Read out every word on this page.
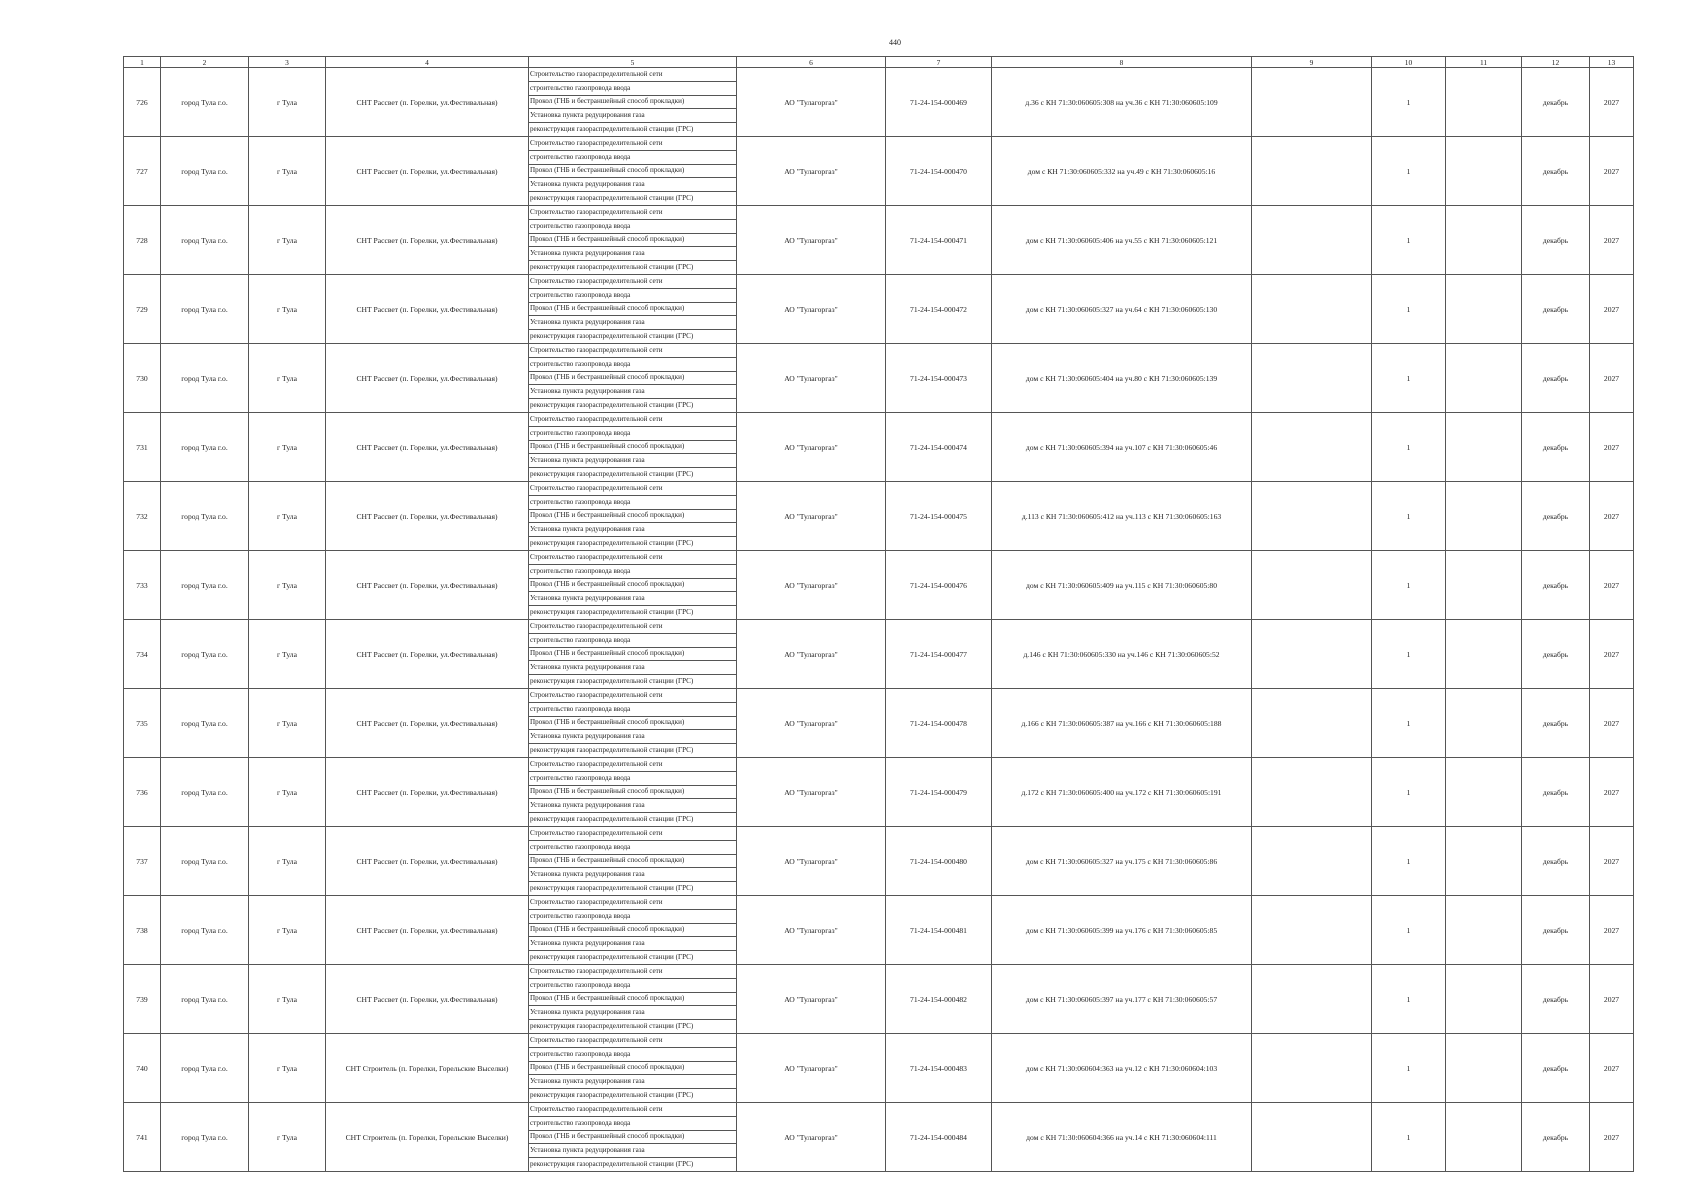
440
1	2	3	4	5	6	7	8	9	10	11	12	13
726	город Тула г.о.	г Тула	СНТ Рассвет (п. Горелки, ул.Фестивальная)	Строительство газораспределительной сети
строительство газопровода ввода
Прокол (ГНБ и бестраншейный способ прокладки)
Установка пункта редуцирования газа
реконструкция газораспределительной станции (ГРС)	АО "Тулагоргаз"	71-24-154-000469	д.36 с КН 71:30:060605:308 на уч.36 с КН 71:30:060605:109		1		декабрь	2027
727	город Тула г.о.	г Тула	СНТ Рассвет (п. Горелки, ул.Фестивальная)	Строительство газораспределительной сети
строительство газопровода ввода
Прокол (ГНБ и бестраншейный способ прокладки)
Установка пункта редуцирования газа
реконструкция газораспределительной станции (ГРС)	АО "Тулагоргаз"	71-24-154-000470	дом с КН 71:30:060605:332 на уч.49 с КН 71:30:060605:16		1		декабрь	2027
728	город Тула г.о.	г Тула	СНТ Рассвет (п. Горелки, ул.Фестивальная)	Строительство газораспределительной сети
строительство газопровода ввода
Прокол (ГНБ и бестраншейный способ прокладки)
Установка пункта редуцирования газа
реконструкция газораспределительной станции (ГРС)	АО "Тулагоргаз"	71-24-154-000471	дом с КН 71:30:060605:406 на уч.55 с КН 71:30:060605:121		1		декабрь	2027
729	город Тула г.о.	г Тула	СНТ Рассвет (п. Горелки, ул.Фестивальная)	Строительство газораспределительной сети
строительство газопровода ввода
Прокол (ГНБ и бестраншейный способ прокладки)
Установка пункта редуцирования газа
реконструкция газораспределительной станции (ГРС)	АО "Тулагоргаз"	71-24-154-000472	дом с КН 71:30:060605:327 на уч.64 с КН 71:30:060605:130		1		декабрь	2027
730	город Тула г.о.	г Тула	СНТ Рассвет (п. Горелки, ул.Фестивальная)	Строительство газораспределительной сети
строительство газопровода ввода
Прокол (ГНБ и бестраншейный способ прокладки)
Установка пункта редуцирования газа
реконструкция газораспределительной станции (ГРС)	АО "Тулагоргаз"	71-24-154-000473	дом с КН 71:30:060605:404 на уч.80 с КН 71:30:060605:139		1		декабрь	2027
731	город Тула г.о.	г Тула	СНТ Рассвет (п. Горелки, ул.Фестивальная)	Строительство газораспределительной сети
строительство газопровода ввода
Прокол (ГНБ и бестраншейный способ прокладки)
Установка пункта редуцирования газа
реконструкция газораспределительной станции (ГРС)	АО "Тулагоргаз"	71-24-154-000474	дом с КН 71:30:060605:394 на уч.107 с КН 71:30:060605:46		1		декабрь	2027
732	город Тула г.о.	г Тула	СНТ Рассвет (п. Горелки, ул.Фестивальная)	Строительство газораспределительной сети
строительство газопровода ввода
Прокол (ГНБ и бестраншейный способ прокладки)
Установка пункта редуцирования газа
реконструкция газораспределительной станции (ГРС)	АО "Тулагоргаз"	71-24-154-000475	д.113 с КН 71:30:060605:412 на уч.113 с КН 71:30:060605:163		1		декабрь	2027
733	город Тула г.о.	г Тула	СНТ Рассвет (п. Горелки, ул.Фестивальная)	Строительство газораспределительной сети
строительство газопровода ввода
Прокол (ГНБ и бестраншейный способ прокладки)
Установка пункта редуцирования газа
реконструкция газораспределительной станции (ГРС)	АО "Тулагоргаз"	71-24-154-000476	дом с КН 71:30:060605:409 на уч.115 с КН 71:30:060605:80		1		декабрь	2027
734	город Тула г.о.	г Тула	СНТ Рассвет (п. Горелки, ул.Фестивальная)	Строительство газораспределительной сети
строительство газопровода ввода
Прокол (ГНБ и бестраншейный способ прокладки)
Установка пункта редуцирования газа
реконструкция газораспределительной станции (ГРС)	АО "Тулагоргаз"	71-24-154-000477	д.146 с КН 71:30:060605:330 на уч.146 с КН 71:30:060605:52		1		декабрь	2027
735	город Тула г.о.	г Тула	СНТ Рассвет (п. Горелки, ул.Фестивальная)	Строительство газораспределительной сети
строительство газопровода ввода
Прокол (ГНБ и бестраншейный способ прокладки)
Установка пункта редуцирования газа
реконструкция газораспределительной станции (ГРС)	АО "Тулагоргаз"	71-24-154-000478	д.166 с КН 71:30:060605:387 на уч.166 с КН 71:30:060605:188		1		декабрь	2027
736	город Тула г.о.	г Тула	СНТ Рассвет (п. Горелки, ул.Фестивальная)	Строительство газораспределительной сети
строительство газопровода ввода
Прокол (ГНБ и бестраншейный способ прокладки)
Установка пункта редуцирования газа
реконструкция газораспределительной станции (ГРС)	АО "Тулагоргаз"	71-24-154-000479	д.172 с КН 71:30:060605:400 на уч.172 с КН 71:30:060605:191		1		декабрь	2027
737	город Тула г.о.	г Тула	СНТ Рассвет (п. Горелки, ул.Фестивальная)	Строительство газораспределительной сети
строительство газопровода ввода
Прокол (ГНБ и бестраншейный способ прокладки)
Установка пункта редуцирования газа
реконструкция газораспределительной станции (ГРС)	АО "Тулагоргаз"	71-24-154-000480	дом с КН 71:30:060605:327 на уч.175 с КН 71:30:060605:86		1		декабрь	2027
738	город Тула г.о.	г Тула	СНТ Рассвет (п. Горелки, ул.Фестивальная)	Строительство газораспределительной сети
строительство газопровода ввода
Прокол (ГНБ и бестраншейный способ прокладки)
Установка пункта редуцирования газа
реконструкция газораспределительной станции (ГРС)	АО "Тулагоргаз"	71-24-154-000481	дом с КН 71:30:060605:399 на уч.176 с КН 71:30:060605:85		1		декабрь	2027
739	город Тула г.о.	г Тула	СНТ Рассвет (п. Горелки, ул.Фестивальная)	Строительство газораспределительной сети
строительство газопровода ввода
Прокол (ГНБ и бестраншейный способ прокладки)
Установка пункта редуцирования газа
реконструкция газораспределительной станции (ГРС)	АО "Тулагоргаз"	71-24-154-000482	дом с КН 71:30:060605:397 на уч.177 с КН 71:30:060605:57		1		декабрь	2027
740	город Тула г.о.	г Тула	СНТ Строитель (п. Горелки, Горельские Выселки)	Строительство газораспределительной сети
строительство газопровода ввода
Прокол (ГНБ и бестраншейный способ прокладки)
Установка пункта редуцирования газа
реконструкция газораспределительной станции (ГРС)	АО "Тулагоргаз"	71-24-154-000483	дом с КН 71:30:060604:363 на уч.12 с КН 71:30:060604:103		1		декабрь	2027
741	город Тула г.о.	г Тула	СНТ Строитель (п. Горелки, Горельские Выселки)	Строительство газораспределительной сети
строительство газопровода ввода
Прокол (ГНБ и бестраншейный способ прокладки)
Установка пункта редуцирования газа
реконструкция газораспределительной станции (ГРС)	АО "Тулагоргаз"	71-24-154-000484	дом с КН 71:30:060604:366 на уч.14 с КН 71:30:060604:111		1		декабрь	2027
